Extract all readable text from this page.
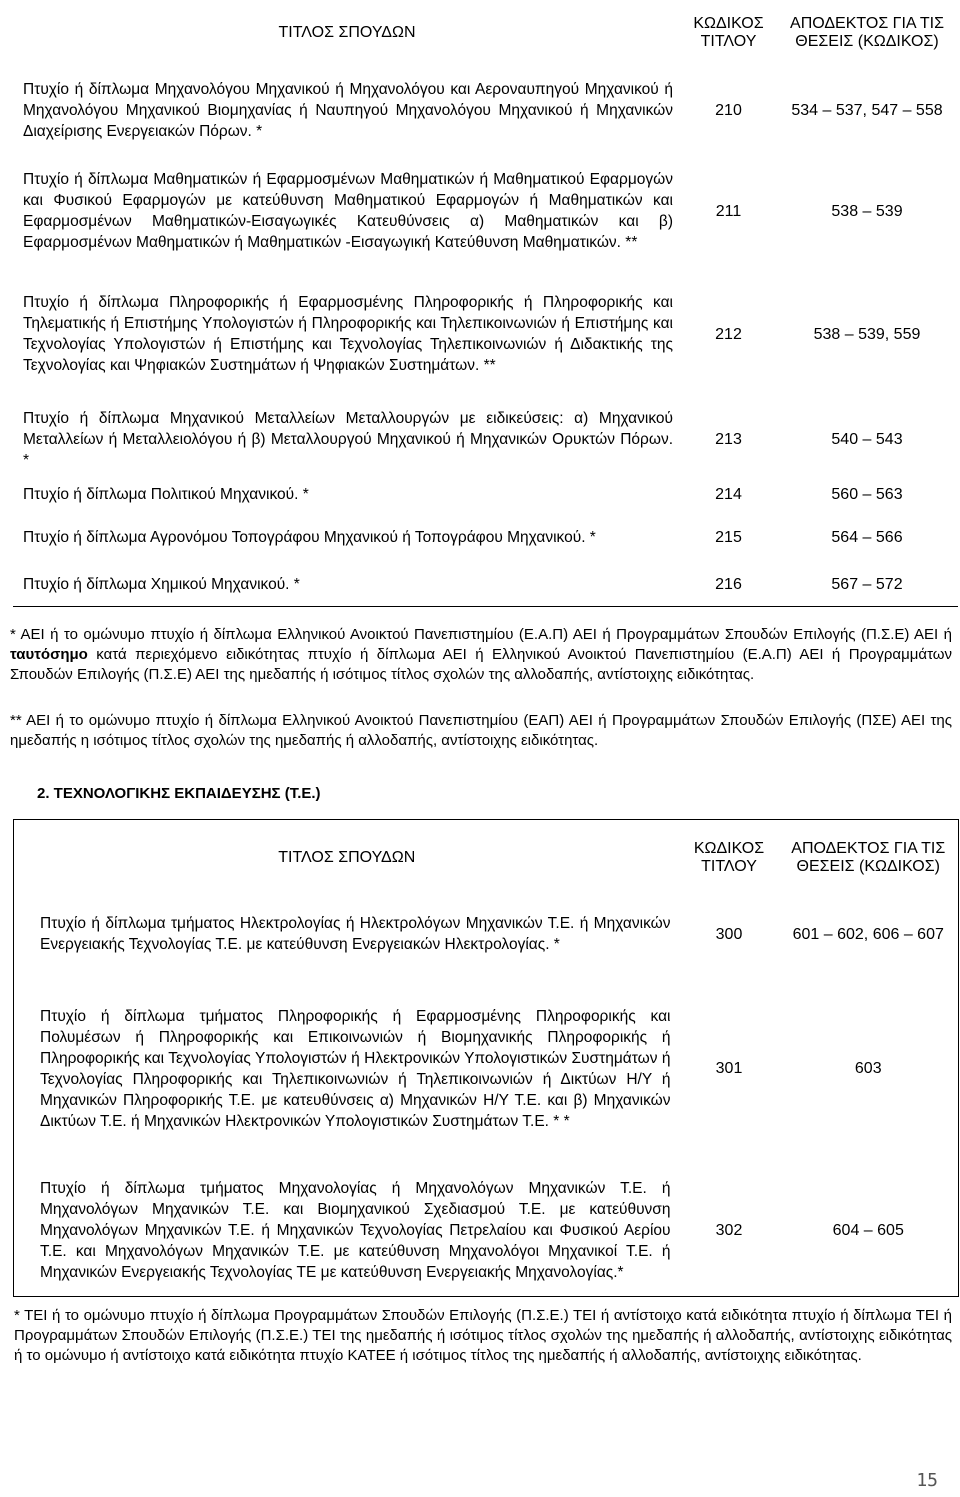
ΤΙΤΛΟΣ ΣΠΟΥΔΩΝ	ΚΩΔΙΚΟΣ ΤΙΤΛΟΥ	ΑΠΟΔΕΚΤΟΣ ΓΙΑ ΤΙΣ ΘΕΣΕΙΣ (ΚΩΔΙΚΟΣ)
Πτυχίο ή δίπλωμα Μηχανολόγου Μηχανικού ή Μηχανολόγου και Αεροναυπηγού Μηχανικού ή Μηχανολόγου Μηχανικού Βιομηχανίας ή Ναυπηγού Μηχανολόγου Μηχανικού ή Μηχανικών Διαχείρισης Ενεργειακών Πόρων. *	210	534 – 537, 547 – 558
Πτυχίο ή δίπλωμα Μαθηματικών ή Εφαρμοσμένων Μαθηματικών ή Μαθηματικού Εφαρμογών και Φυσικού Εφαρμογών με κατεύθυνση Μαθηματικού Εφαρμογών ή Μαθηματικών και Εφαρμοσμένων Μαθηματικών-Εισαγωγικές Κατευθύνσεις α) Μαθηματικών και β) Εφαρμοσμένων Μαθηματικών ή Μαθηματικών -Εισαγωγική Κατεύθυνση Μαθηματικών. **	211	538 – 539
Πτυχίο ή δίπλωμα Πληροφορικής ή Εφαρμοσμένης Πληροφορικής ή Πληροφορικής και Τηλεματικής ή Επιστήμης Υπολογιστών ή Πληροφορικής και Τηλεπικοινωνιών ή Επιστήμης και Τεχνολογίας Υπολογιστών ή Επιστήμης και Τεχνολογίας Τηλεπικοινωνιών ή Διδακτικής της Τεχνολογίας και Ψηφιακών Συστημάτων ή Ψηφιακών Συστημάτων. **	212	538 – 539, 559
Πτυχίο ή δίπλωμα Μηχανικού Μεταλλείων Μεταλλουργών με ειδικεύσεις: α) Μηχανικού Μεταλλείων ή Μεταλλειολόγου ή β) Μεταλλουργού Μηχανικού ή Μηχανικών Ορυκτών Πόρων. *	213	540 – 543
Πτυχίο ή δίπλωμα Πολιτικού Μηχανικού. *	214	560 – 563
Πτυχίο ή δίπλωμα Αγρονόμου Τοπογράφου Μηχανικού ή Τοπογράφου Μηχανικού. *	215	564 – 566
Πτυχίο ή δίπλωμα Χημικού Μηχανικού. *	216	567 – 572
* ΑΕΙ ή το ομώνυμο πτυχίο ή δίπλωμα Ελληνικού Ανοικτού Πανεπιστημίου (Ε.Α.Π) ΑΕΙ ή Προγραμμάτων Σπουδών Επιλογής (Π.Σ.Ε) ΑΕΙ ή ταυτόσημο κατά περιεχόμενο ειδικότητας πτυχίο ή δίπλωμα ΑΕΙ ή Ελληνικού Ανοικτού Πανεπιστημίου (Ε.Α.Π) ΑΕΙ ή Προγραμμάτων Σπουδών Επιλογής (Π.Σ.Ε) ΑΕΙ της ημεδαπής ή ισότιμος τίτλος σχολών της αλλοδαπής, αντίστοιχης ειδικότητας.
** ΑΕΙ ή το ομώνυμο πτυχίο ή δίπλωμα Ελληνικού Ανοικτού Πανεπιστημίου (ΕΑΠ) ΑΕΙ ή Προγραμμάτων Σπουδών Επιλογής (ΠΣΕ) ΑΕΙ της ημεδαπής η ισότιμος τίτλος σχολών της ημεδαπής ή αλλοδαπής, αντίστοιχης ειδικότητας.
2. ΤΕΧΝΟΛΟΓΙΚΗΣ ΕΚΠΑΙΔΕΥΣΗΣ (Τ.Ε.)
ΤΙΤΛΟΣ ΣΠΟΥΔΩΝ	ΚΩΔΙΚΟΣ ΤΙΤΛΟΥ	ΑΠΟΔΕΚΤΟΣ ΓΙΑ ΤΙΣ ΘΕΣΕΙΣ (ΚΩΔΙΚΟΣ)
Πτυχίο ή δίπλωμα τμήματος Ηλεκτρολογίας ή Ηλεκτρολόγων Μηχανικών Τ.Ε. ή Μηχανικών Ενεργειακής Τεχνολογίας Τ.Ε. με κατεύθυνση Ενεργειακών Ηλεκτρολογίας. *	300	601 – 602, 606 – 607
Πτυχίο ή δίπλωμα τμήματος Πληροφορικής ή Εφαρμοσμένης Πληροφορικής και Πολυμέσων ή Πληροφορικής και Επικοινωνιών ή Βιομηχανικής Πληροφορικής ή Πληροφορικής και Τεχνολογίας Υπολογιστών ή Ηλεκτρονικών Υπολογιστικών Συστημάτων ή Τεχνολογίας Πληροφορικής και Τηλεπικοινωνιών ή Τηλεπικοινωνιών ή Δικτύων Η/Υ ή Μηχανικών Πληροφορικής Τ.Ε. με κατευθύνσεις α) Μηχανικών Η/Υ Τ.Ε. και β) Μηχανικών Δικτύων Τ.Ε. ή Μηχανικών Ηλεκτρονικών Υπολογιστικών Συστημάτων Τ.Ε. * *	301	603
Πτυχίο ή δίπλωμα τμήματος Μηχανολογίας ή Μηχανολόγων Μηχανικών Τ.Ε. ή Μηχανολόγων Μηχανικών Τ.Ε. και Βιομηχανικού Σχεδιασμού Τ.Ε. με κατεύθυνση Μηχανολόγων Μηχανικών Τ.Ε. ή Μηχανικών Τεχνολογίας Πετρελαίου και Φυσικού Αερίου Τ.Ε. και Μηχανολόγων Μηχανικών Τ.Ε. με κατεύθυνση Μηχανολόγοι Μηχανικοί Τ.Ε. ή Μηχανικών Ενεργειακής Τεχνολογίας ΤΕ με κατεύθυνση Ενεργειακής Μηχανολογίας.*	302	604 – 605
* ΤΕΙ ή το ομώνυμο πτυχίο ή δίπλωμα Προγραμμάτων Σπουδών Επιλογής (Π.Σ.Ε.) ΤΕΙ ή αντίστοιχο κατά ειδικότητα πτυχίο ή δίπλωμα ΤΕΙ ή Προγραμμάτων Σπουδών Επιλογής (Π.Σ.Ε.) ΤΕΙ της ημεδαπής ή ισότιμος τίτλος σχολών της ημεδαπής ή αλλοδαπής, αντίστοιχης ειδικότητας ή το ομώνυμο ή αντίστοιχο κατά ειδικότητα πτυχίο ΚΑΤΕΕ ή ισότιμος τίτλος της ημεδαπής ή αλλοδαπής, αντίστοιχης ειδικότητας.
15
